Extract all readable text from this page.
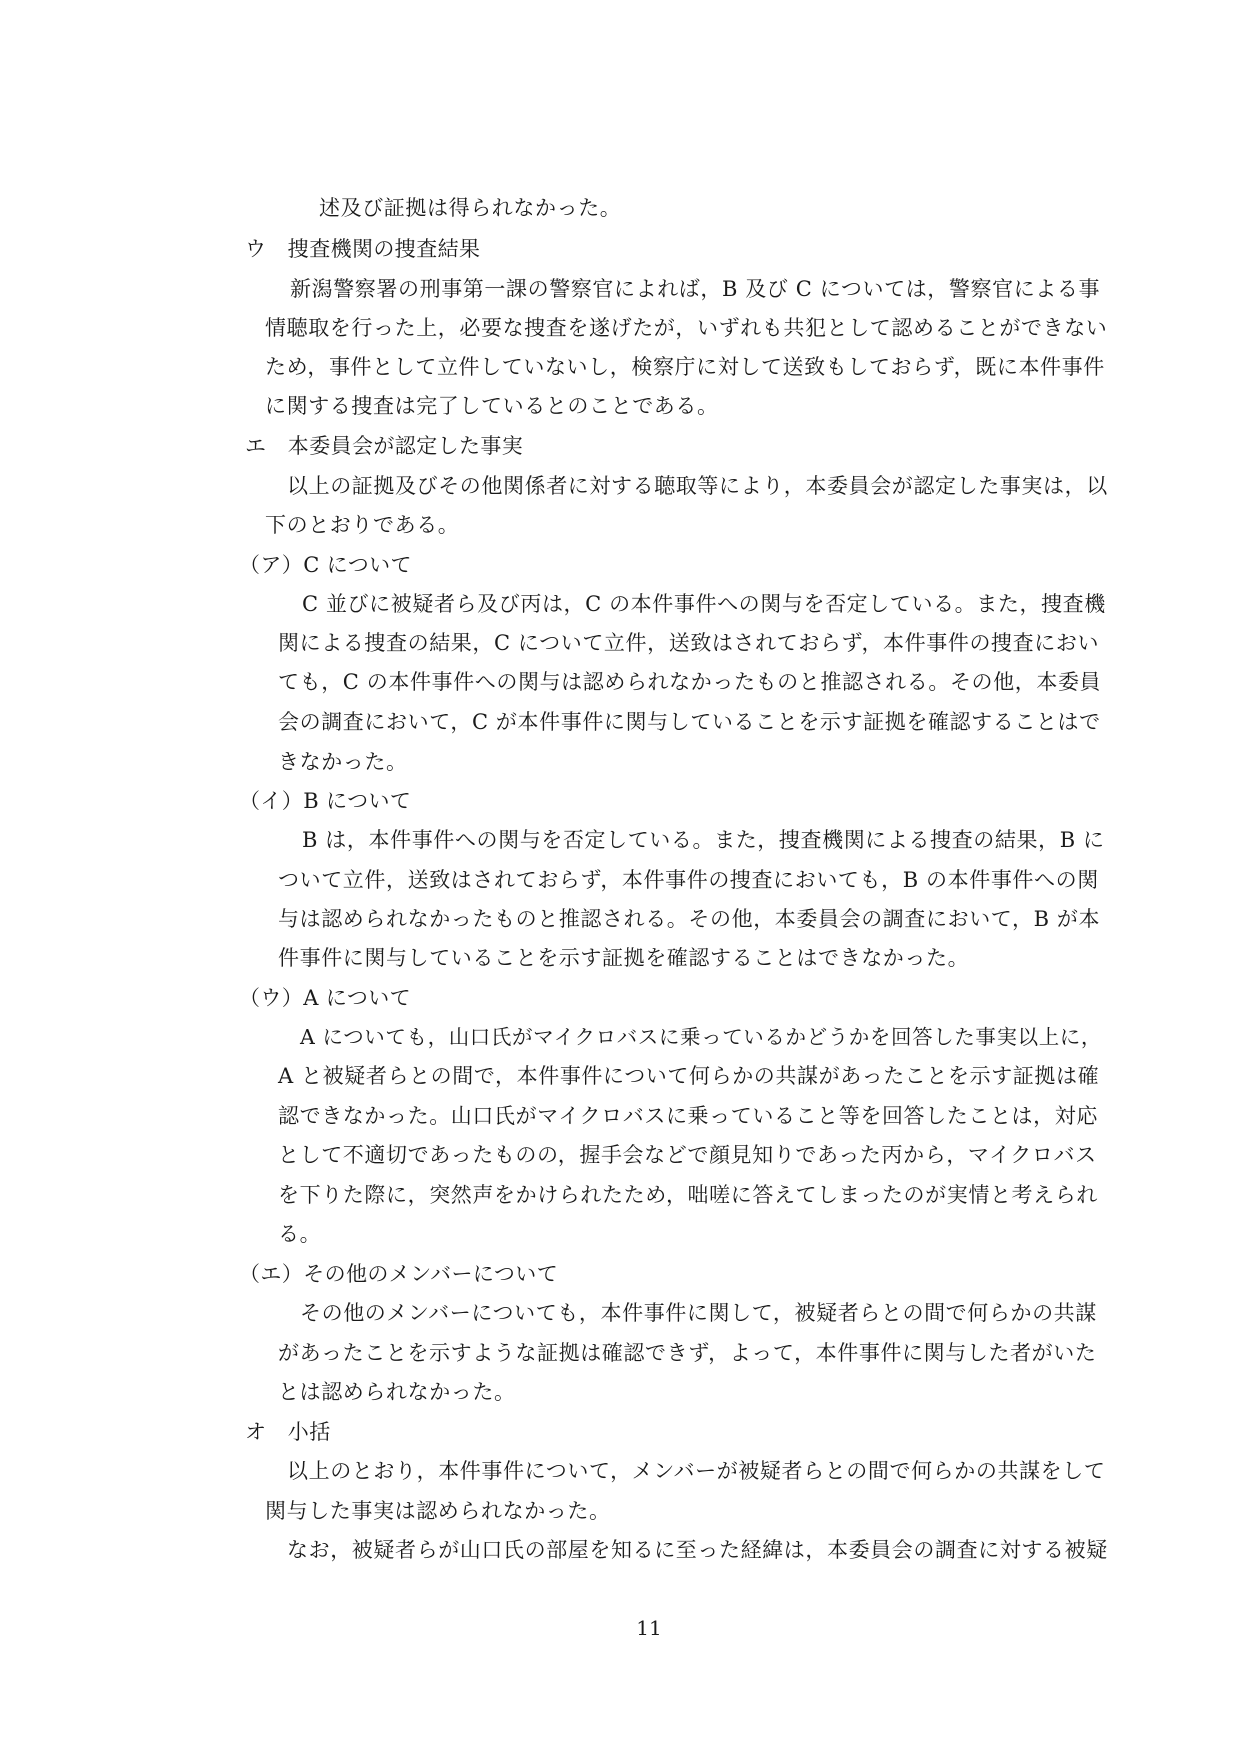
述及び証拠は得られなかった。
ウ　捜査機関の捜査結果
新潟警察署の刑事第一課の警察官によれば，B 及び C については，警察官による事
情聴取を行った上，必要な捜査を遂げたが，いずれも共犯として認めることができない
ため，事件として立件していないし，検察庁に対して送致もしておらず，既に本件事件
に関する捜査は完了しているとのことである。
エ　本委員会が認定した事実
以上の証拠及びその他関係者に対する聴取等により，本委員会が認定した事実は，以
下のとおりである。
（ア）C について
C 並びに被疑者ら及び丙は，C の本件事件への関与を否定している。また，捜査機
関による捜査の結果，C について立件，送致はされておらず，本件事件の捜査におい
ても，C の本件事件への関与は認められなかったものと推認される。その他，本委員
会の調査において，C が本件事件に関与していることを示す証拠を確認することはで
きなかった。
（イ）B について
B は，本件事件への関与を否定している。また，捜査機関による捜査の結果，B に
ついて立件，送致はされておらず，本件事件の捜査においても，B の本件事件への関
与は認められなかったものと推認される。その他，本委員会の調査において，B が本
件事件に関与していることを示す証拠を確認することはできなかった。
（ウ）A について
A についても，山口氏がマイクロバスに乗っているかどうかを回答した事実以上に，
A と被疑者らとの間で，本件事件について何らかの共謀があったことを示す証拠は確
認できなかった。山口氏がマイクロバスに乗っていること等を回答したことは，対応
として不適切であったものの，握手会などで顔見知りであった丙から，マイクロバス
を下りた際に，突然声をかけられたため，咄嗟に答えてしまったのが実情と考えられ
る。
（エ）その他のメンバーについて
その他のメンバーについても，本件事件に関して，被疑者らとの間で何らかの共謀
があったことを示すような証拠は確認できず，よって，本件事件に関与した者がいた
とは認められなかった。
オ　小括
以上のとおり，本件事件について，メンバーが被疑者らとの間で何らかの共謀をして
関与した事実は認められなかった。
なお，被疑者らが山口氏の部屋を知るに至った経緯は，本委員会の調査に対する被疑
11
